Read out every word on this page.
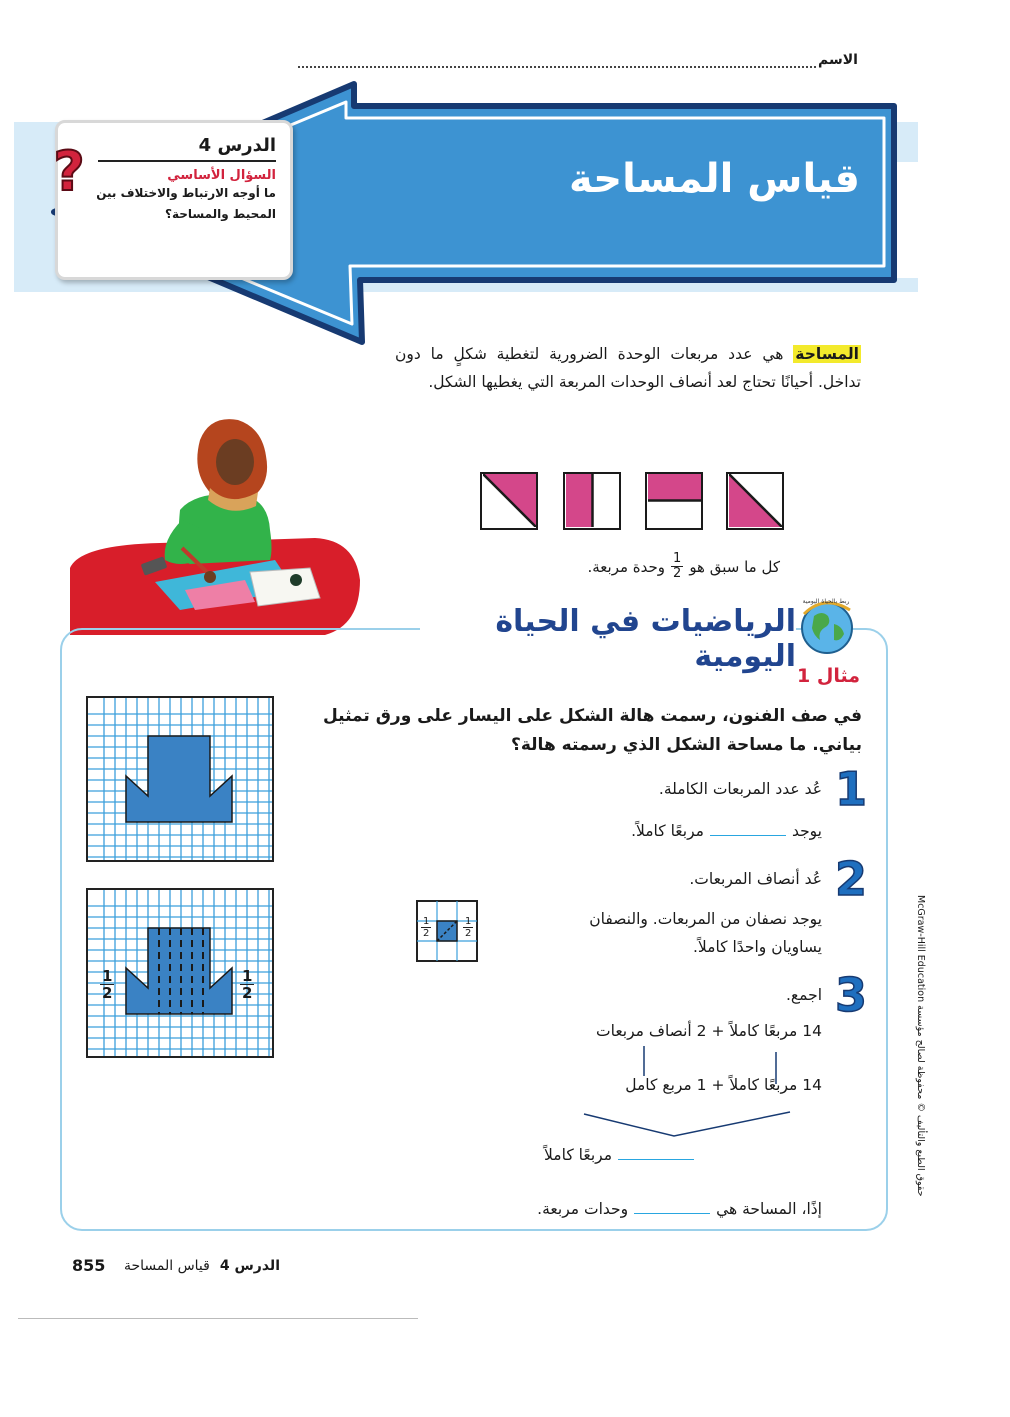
الاسم
قياس المساحة
الدرس 4
السؤال الأساسي
ما أوجه الارتباط والاختلاف بين المحيط والمساحة؟
?
المساحة هي عدد مربعات الوحدة الضرورية لتغطية شكلٍ ما دون تداخل. أحيانًا تحتاج لعد أنصاف الوحدات المربعة التي يغطيها الشكل.
كل ما سبق هو
$\frac{1}{2}$
وحدة مربعة.
الرياضيات في الحياة اليومية
ربط بالحياة اليومية
مثال 1
في صف الفنون، رسمت هالة الشكل على اليسار على ورق تمثيل بياني. ما مساحة الشكل الذي رسمته هالة؟
$\frac{1}{2}$	$\frac{1}{2}$
$\frac{1}{2}$	$\frac{1}{2}$
1
عُد عدد المربعات الكاملة.
يوجدمربعًا كاملاً.
2
عُد أنصاف المربعات.
يوجد نصفان من المربعات. والنصفان
يساويان واحدًا كاملاً.
3
اجمع.
14 مربعًا كاملاً + 2 أنصاف مربعات
14 مربعًا كاملاً + 1 مربع كامل
مربعًا كاملاً
إذًا، المساحة هيوحدات مربعة.
الدرس 4
قياس المساحة
855
حقوق الطبع والتأليف © محفوظة لصالح مؤسسة McGraw-Hill Education
